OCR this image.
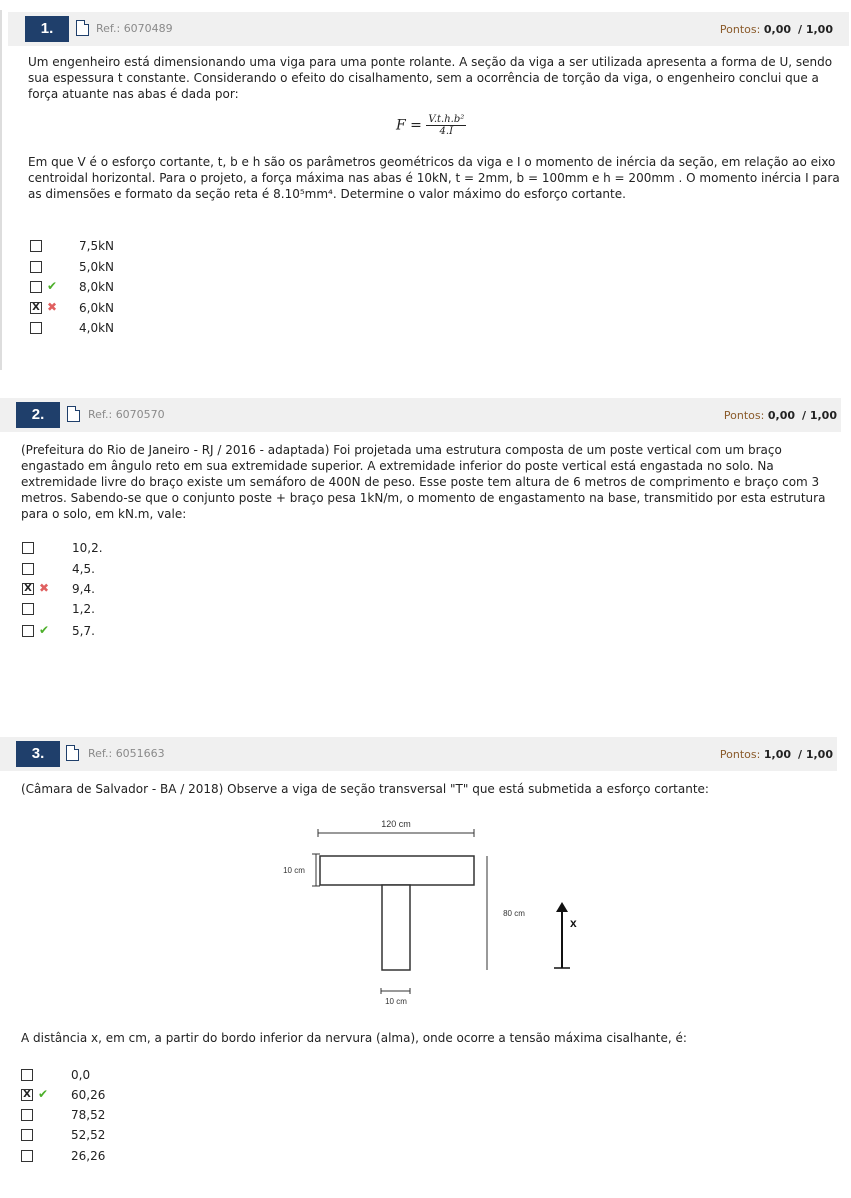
1.	Ref.: 6070489	Pontos: 0,00 / 1,00
Um engenheiro está dimensionando uma viga para uma ponte rolante. A seção da viga a ser utilizada apresenta a forma de U, sendo sua espessura t constante. Considerando o efeito do cisalhamento, sem a ocorrência de torção da viga, o engenheiro conclui que a força atuante nas abas é dada por:
$F = \frac{\text{V.t.h.b²}}{4.I}$
Em que V é o esforço cortante, t, b e h são os parâmetros geométricos da viga e I o momento de inércia da seção, em relação ao eixo centroidal horizontal. Para o projeto, a força máxima nas abas é 10kN, t = 2mm, b = 100mm e h = 200mm . O momento inércia I para as dimensões e formato da seção reta é 8.10⁵mm⁴. Determine o valor máximo do esforço cortante.
7,5kN
5,0kN
✔ 8,0kN
X ✖ 6,0kN
4,0kN
2.	Ref.: 6070570	Pontos: 0,00 / 1,00
(Prefeitura do Rio de Janeiro - RJ / 2016 - adaptada) Foi projetada uma estrutura composta de um poste vertical com um braço engastado em ângulo reto em sua extremidade superior. A extremidade inferior do poste vertical está engastada no solo. Na extremidade livre do braço existe um semáforo de 400N de peso. Esse poste tem altura de 6 metros de comprimento e braço com 3 metros. Sabendo-se que o conjunto poste + braço pesa 1kN/m, o momento de engastamento na base, transmitido por esta estrutura para o solo, em kN.m, vale:
10,2.
4,5.
X ✖ 9,4.
1,2.
✔ 5,7.
3.	Ref.: 6051663	Pontos: 1,00 / 1,00
(Câmara de Salvador - BA / 2018) Observe a viga de seção transversal "T" que está submetida a esforço cortante:
120 cm
10 cm
80 cm
10 cm
x
A distância x, em cm, a partir do bordo inferior da nervura (alma), onde ocorre a tensão máxima cisalhante, é:
0,0
X ✔ 60,26
78,52
52,52
26,26
